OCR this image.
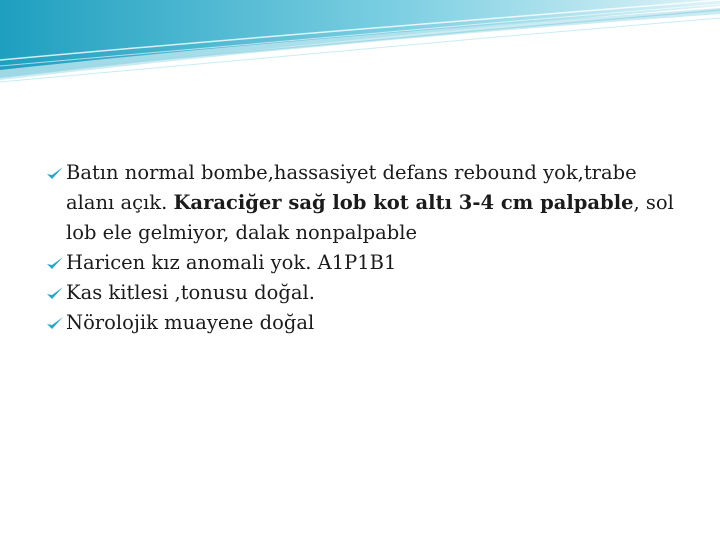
Batın normal bombe,hassasiyet defans rebound yok,trabe alanı açık. Karaciğer sağ lob kot altı 3-4 cm palpable, sol lob ele gelmiyor, dalak nonpalpable

Haricen kız anomali yok. A1P1B1

Kas kitlesi ,tonusu doğal.

Nörolojik muayene doğal
